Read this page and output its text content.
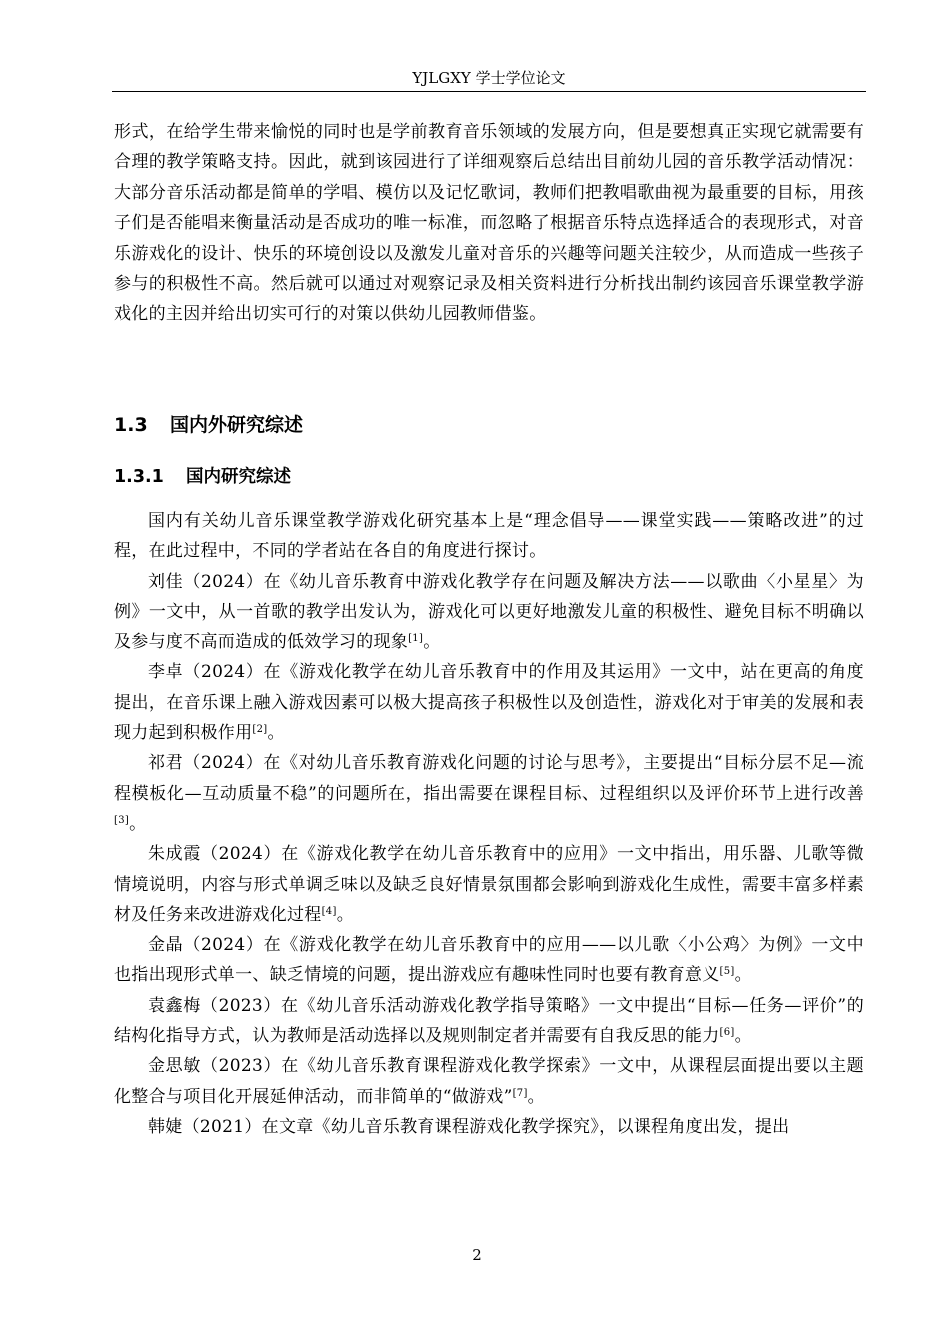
YJLGXY 学士学位论文

形式，在给学生带来愉悦的同时也是学前教育音乐领域的发展方向，但是要想真正实现它就需要有合理的教学策略支持。因此，就到该园进行了详细观察后总结出目前幼儿园的音乐教学活动情况：大部分音乐活动都是简单的学唱、模仿以及记忆歌词，教师们把教唱歌曲视为最重要的目标，用孩子们是否能唱来衡量活动是否成功的唯一标准，而忽略了根据音乐特点选择适合的表现形式，对音乐游戏化的设计、快乐的环境创设以及激发儿童对音乐的兴趣等问题关注较少，从而造成一些孩子参与的积极性不高。然后就可以通过对观察记录及相关资料进行分析找出制约该园音乐课堂教学游戏化的主因并给出切实可行的对策以供幼儿园教师借鉴。

1.3 国内外研究综述
1.3.1 国内研究综述

国内有关幼儿音乐课堂教学游戏化研究基本上是“理念倡导——课堂实践——策略改进”的过程，在此过程中，不同的学者站在各自的角度进行探讨。

刘佳（2024）在《幼儿音乐教育中游戏化教学存在问题及解决方法——以歌曲〈小星星〉为例》一文中，从一首歌的教学出发认为，游戏化可以更好地激发儿童的积极性、避免目标不明确以及参与度不高而造成的低效学习的现象[1]。

李卓（2024）在《游戏化教学在幼儿音乐教育中的作用及其运用》一文中，站在更高的角度提出，在音乐课上融入游戏因素可以极大提高孩子积极性以及创造性，游戏化对于审美的发展和表现力起到积极作用[2]。

祁君（2024）在《对幼儿音乐教育游戏化问题的讨论与思考》，主要提出“目标分层不足—流程模板化—互动质量不稳”的问题所在，指出需要在课程目标、过程组织以及评价环节上进行改善[3]。

朱成霞（2024）在《游戏化教学在幼儿音乐教育中的应用》一文中指出，用乐器、儿歌等微情境说明，内容与形式单调乏味以及缺乏良好情景氛围都会影响到游戏化生成性，需要丰富多样素材及任务来改进游戏化过程[4]。

金晶（2024）在《游戏化教学在幼儿音乐教育中的应用——以儿歌〈小公鸡〉为例》一文中也指出现形式单一、缺乏情境的问题，提出游戏应有趣味性同时也要有教育意义[5]。

袁鑫梅（2023）在《幼儿音乐活动游戏化教学指导策略》一文中提出“目标—任务—评价”的结构化指导方式，认为教师是活动选择以及规则制定者并需要有自我反思的能力[6]。

金思敏（2023）在《幼儿音乐教育课程游戏化教学探索》一文中，从课程层面提出要以主题化整合与项目化开展延伸活动，而非简单的“做游戏”[7]。

韩婕（2021）在文章《幼儿音乐教育课程游戏化教学探究》，以课程角度出发，提出

2
